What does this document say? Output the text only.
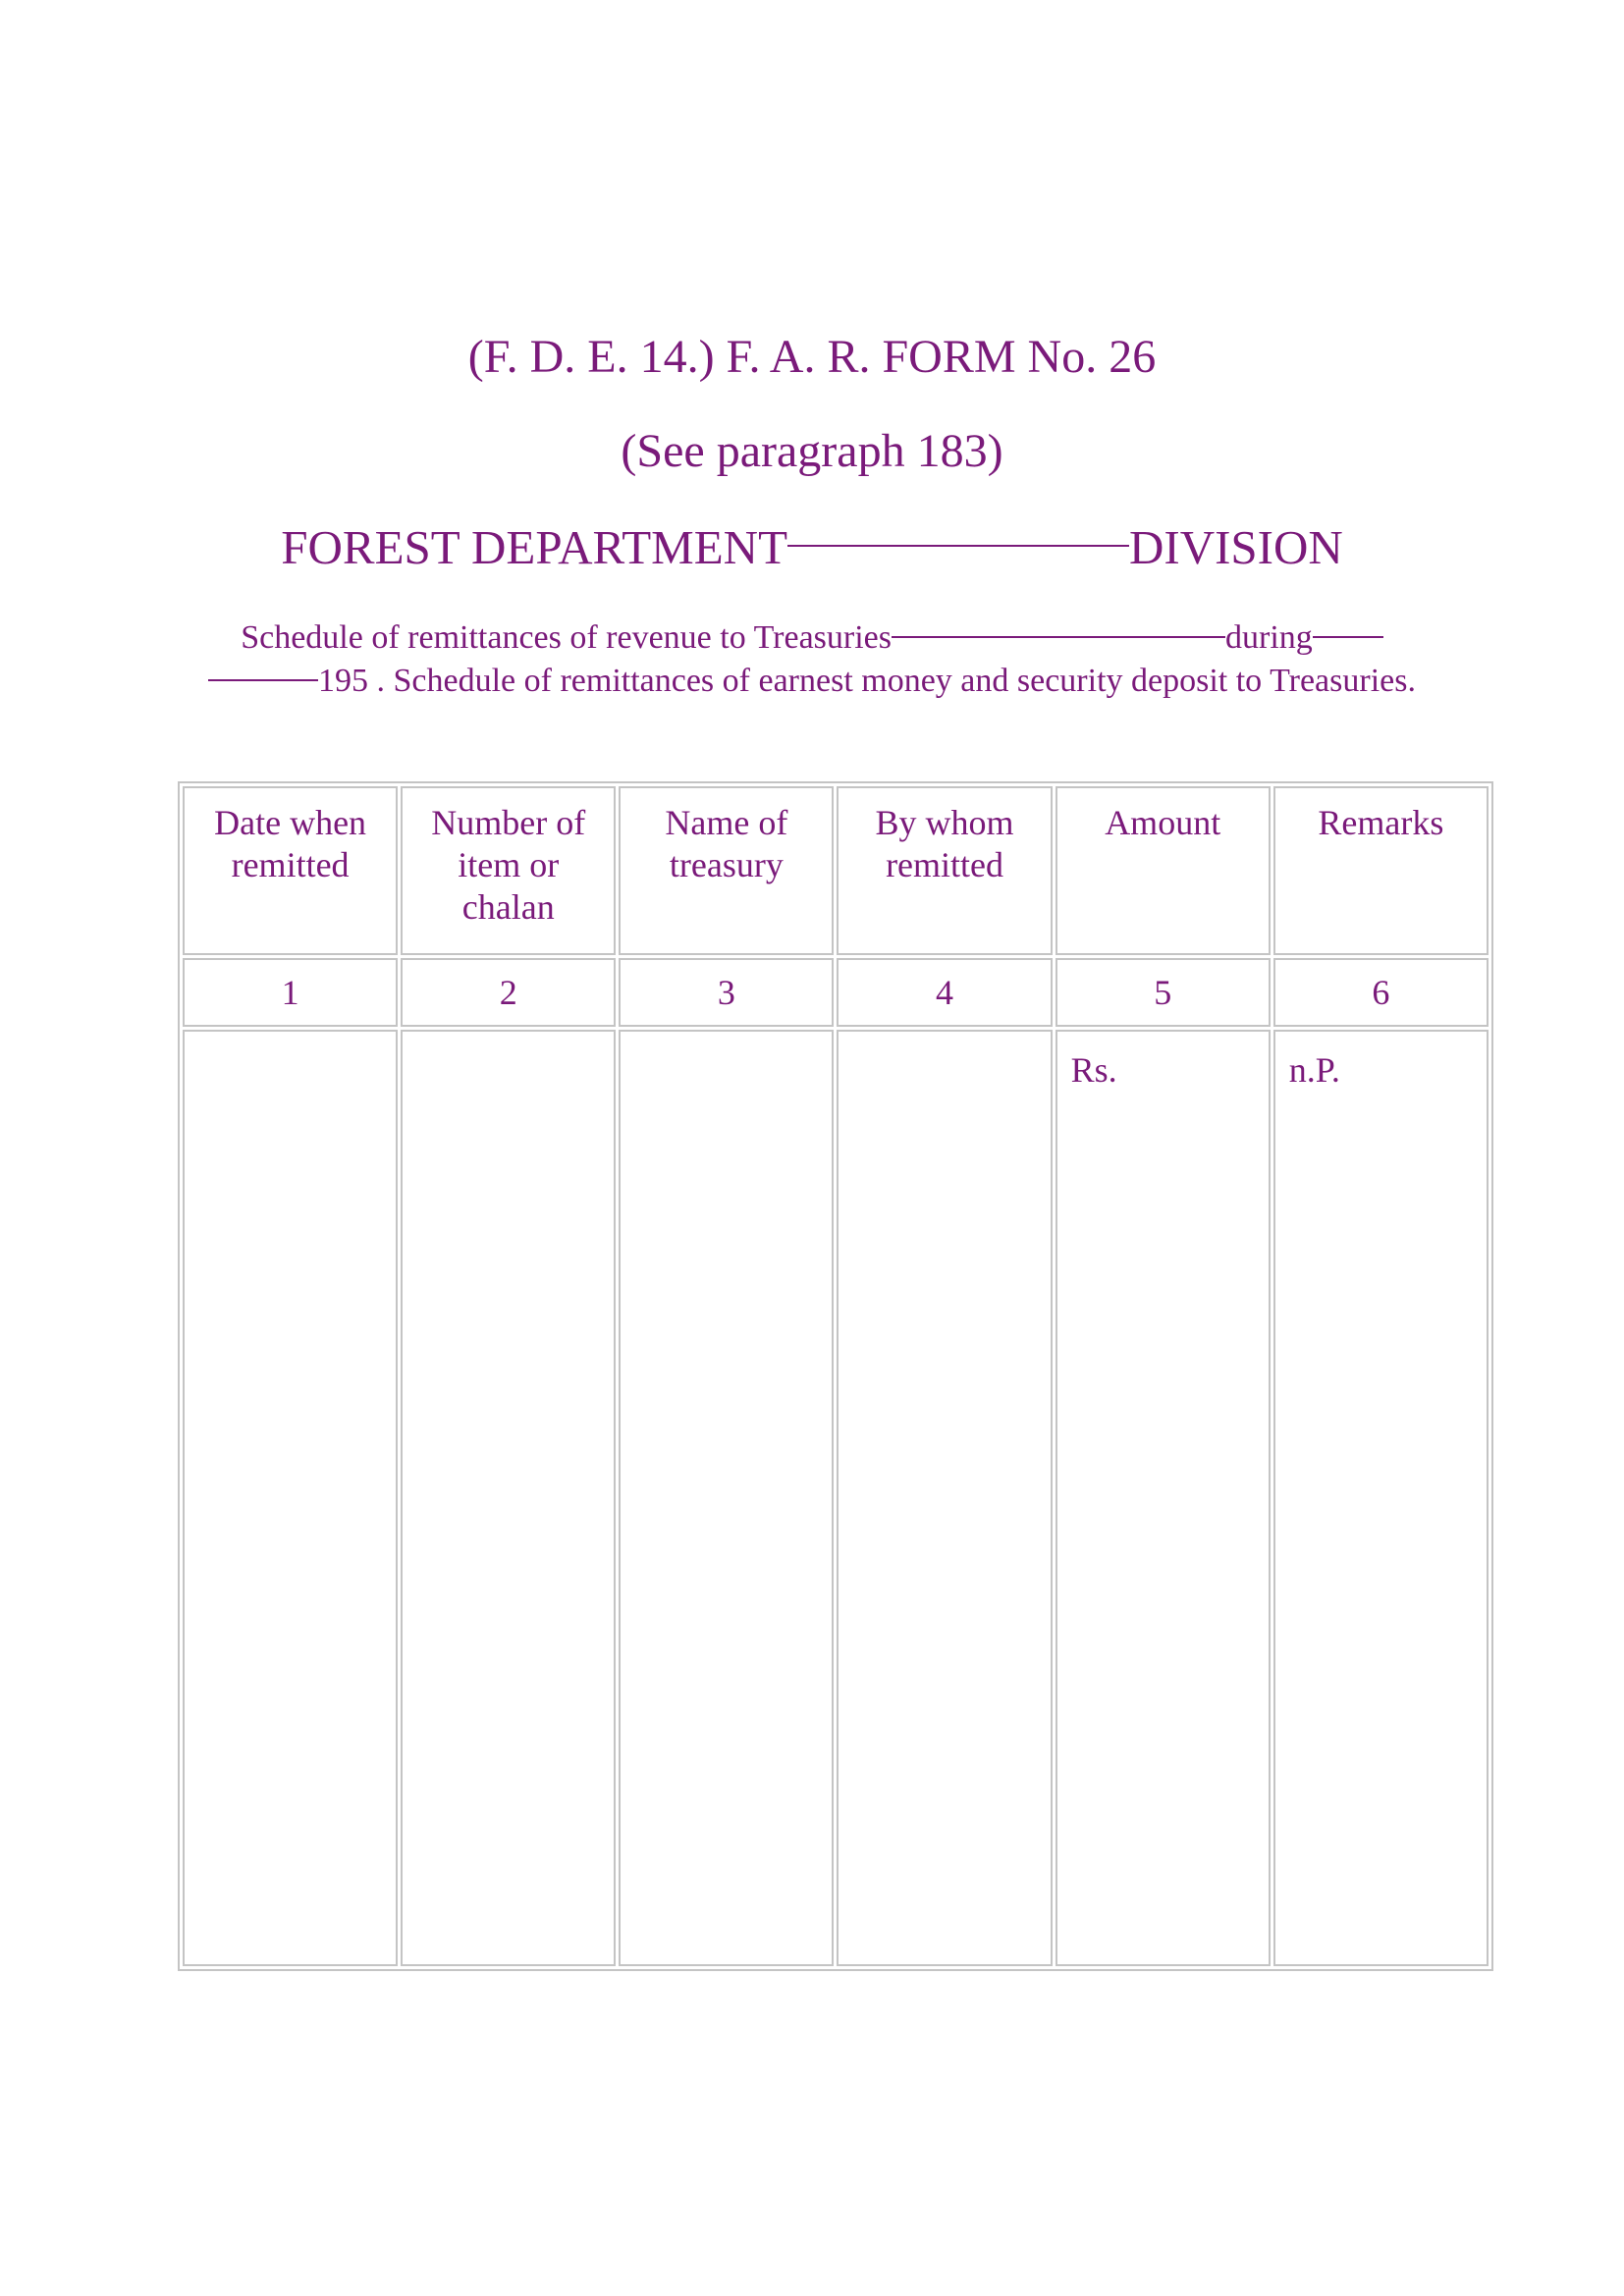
(F. D. E. 14.) F. A. R. FORM No. 26
(See paragraph 183)
FOREST DEPARTMENT	DIVISION
Schedule of remittances of revenue to Treasuries	during 195 . Schedule of remittances of earnest money and security deposit to Treasuries.
Date when remitted	Number of item or chalan	Name of treasury	By whom remitted	Amount	Remarks
1	2	3	4	5	6
				Rs.	n.P.
